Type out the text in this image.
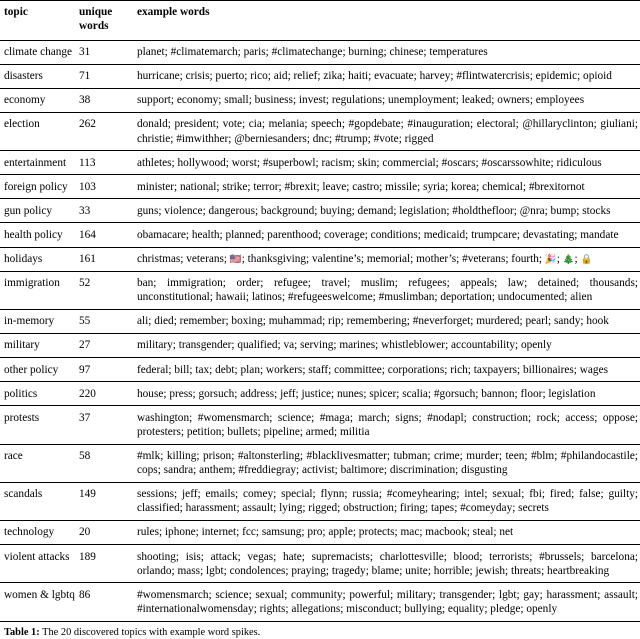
topic	unique words	example words
climate change	31	planet; #climatemarch; paris; #climatechange; burning; chinese; temperatures
disasters	71	hurricane; crisis; puerto; rico; aid; relief; zika; haiti; evacuate; harvey; #flintwatercrisis; epidemic; opioid
economy	38	support; economy; small; business; invest; regulations; unemployment; leaked; owners; employees
election	262	donald; president; vote; cia; melania; speech; #gopdebate; #inauguration; electoral; @hillaryclinton; giuliani; christie; #imwithher; @berniesanders; dnc; #trump; #vote; rigged
entertainment	113	athletes; hollywood; worst; #superbowl; racism; skin; commercial; #oscars; #oscarssowhite; ridiculous
foreign policy	103	minister; national; strike; terror; #brexit; leave; castro; missile; syria; korea; chemical; #brexitornot
gun policy	33	guns; violence; dangerous; background; buying; demand; legislation; #holdthefloor; @nra; bump; stocks
health policy	164	obamacare; health; planned; parenthood; coverage; conditions; medicaid; trumpcare; devastating; mandate
holidays	161	christmas; veterans; 🇺🇸; thanksgiving; valentine’s; memorial; mother’s; #veterans; fourth; 🎉; 🎄; 🔒
immigration	52	ban; immigration; order; refugee; travel; muslim; refugees; appeals; law; detained; thousands; unconstitutional; hawaii; latinos; #refugeeswelcome; #muslimban; deportation; undocumented; alien
in-memory	55	ali; died; remember; boxing; muhammad; rip; remembering; #neverforget; murdered; pearl; sandy; hook
military	27	military; transgender; qualified; va; serving; marines; whistleblower; accountability; openly
other policy	97	federal; bill; tax; debt; plan; workers; staff; committee; corporations; rich; taxpayers; billionaires; wages
politics	220	house; press; gorsuch; address; jeff; justice; nunes; spicer; scalia; #gorsuch; bannon; floor; legislation
protests	37	washington; #womensmarch; science; #maga; march; signs; #nodapl; construction; rock; access; oppose; protesters; petition; bullets; pipeline; armed; militia
race	58	#mlk; killing; prison; #altonsterling; #blacklivesmatter; tubman; crime; murder; teen; #blm; #philandocastile; cops; sandra; anthem; #freddiegray; activist; baltimore; discrimination; disgusting
scandals	149	sessions; jeff; emails; comey; special; flynn; russia; #comeyhearing; intel; sexual; fbi; fired; false; guilty; classified; harassment; assault; lying; rigged; obstruction; firing; tapes; #comeyday; secrets
technology	20	rules; iphone; internet; fcc; samsung; pro; apple; protects; mac; macbook; steal; net
violent attacks	189	shooting; isis; attack; vegas; hate; supremacists; charlottesville; blood; terrorists; #brussels; barcelona; orlando; mass; lgbt; condolences; praying; tragedy; blame; unite; horrible; jewish; threats; heartbreaking
women & lgbtq	86	#womensmarch; science; sexual; community; powerful; military; transgender; lgbt; gay; harassment; assault; #internationalwomensday; rights; allegations; misconduct; bullying; equality; pledge; openly
Table 1: The 20 discovered topics with example word spikes.
